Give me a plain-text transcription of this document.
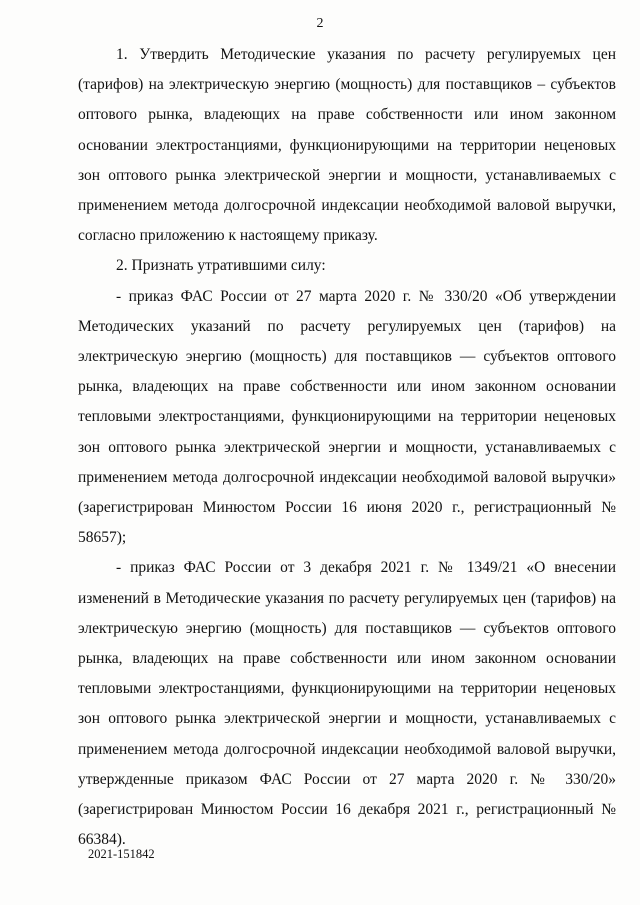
2

1. Утвердить Методические указания по расчету регулируемых цен (тарифов) на электрическую энергию (мощность) для поставщиков – субъектов оптового рынка, владеющих на праве собственности или ином законном основании электростанциями, функционирующими на территории неценовых зон оптового рынка электрической энергии и мощности, устанавливаемых с применением метода долгосрочной индексации необходимой валовой выручки, согласно приложению к настоящему приказу.

2. Признать утратившими силу:

- приказ ФАС России от 27 марта 2020 г. № 330/20 «Об утверждении Методических указаний по расчету регулируемых цен (тарифов) на электрическую энергию (мощность) для поставщиков — субъектов оптового рынка, владеющих на праве собственности или ином законном основании тепловыми электростанциями, функционирующими на территории неценовых зон оптового рынка электрической энергии и мощности, устанавливаемых с применением метода долгосрочной индексации необходимой валовой выручки» (зарегистрирован Минюстом России 16 июня 2020 г., регистрационный № 58657);

- приказ ФАС России от 3 декабря 2021 г. № 1349/21 «О внесении изменений в Методические указания по расчету регулируемых цен (тарифов) на электрическую энергию (мощность) для поставщиков — субъектов оптового рынка, владеющих на праве собственности или ином законном основании тепловыми электростанциями, функционирующими на территории неценовых зон оптового рынка электрической энергии и мощности, устанавливаемых с применением метода долгосрочной индексации необходимой валовой выручки, утвержденные приказом ФАС России от 27 марта 2020 г. № 330/20» (зарегистрирован Минюстом России 16 декабря 2021 г., регистрационный № 66384).

2021-151842
